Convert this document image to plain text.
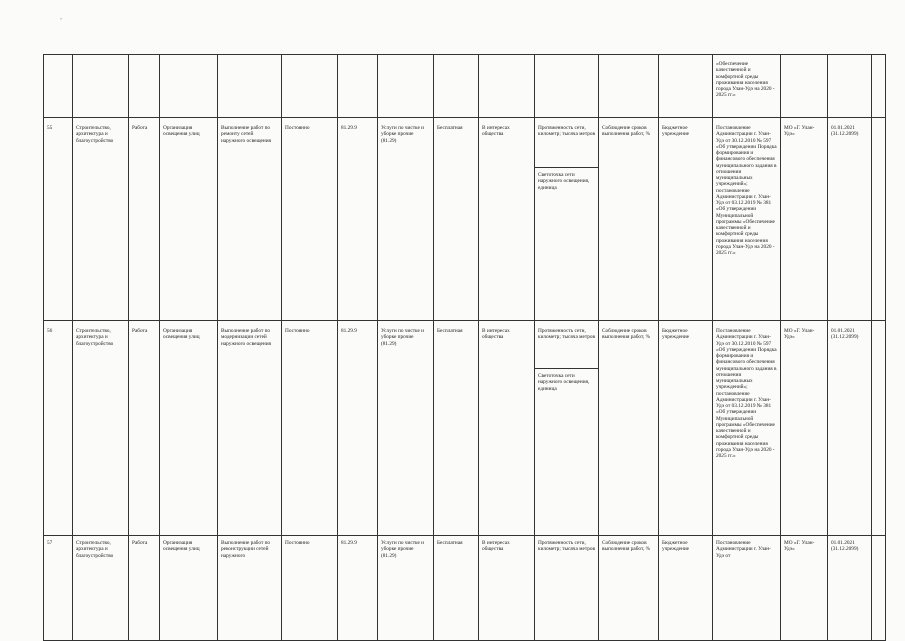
ʼ
													«Обеспечение качественной и комфортной среды проживания населения города Улан-Удэ на 2020 - 2025 гг.»			
55	Строительство, архитектура и благоустройство	Работа	Организация освещения улиц	Выполнение работ по ремонту сетей наружного освещения	Постоянно	81.29.9	Услуги по чистке и уборке прочие (81.29)	Бесплатная	В интересах общества	Протяженность сети, километр; тысяча метров	Соблюдение сроков выполнения работ, %	Бюджетное учреждение	Постановление Администрации г. Улан-Удэ от 30.12.2010 № 597 «Об утверждении Порядка формирования и финансового обеспечения муниципального задания в отношении муниципальных учреждений»; постановление Администрации г. Улан-Удэ от 03.12.2019 № 381 «Об утверждении Муниципальной программы «Обеспечение качественной и комфортной среды проживания населения города Улан-Удэ на 2020 - 2025 гг.»	МО «Г. Улан-Удэ»	01.01.2021 (31.12.2099)	
										Светоточка сети наружного освещения, единица						
56	Строительство, архитектура и благоустройство	Работа	Организация освещения улиц	Выполнение работ по модернизации сетей наружного освещения	Постоянно	81.29.9	Услуги по чистке и уборке прочие (81.29)	Бесплатная	В интересах общества	Протяженность сети, километр; тысяча метров	Соблюдение сроков выполнения работ, %	Бюджетное учреждение	Постановление Администрации г. Улан-Удэ от 30.12.2010 № 597 «Об утверждении Порядка формирования и финансового обеспечения муниципального задания в отношении муниципальных учреждений»; постановление Администрации г. Улан-Удэ от 03.12.2019 № 381 «Об утверждении Муниципальной программы «Обеспечение качественной и комфортной среды проживания населения города Улан-Удэ на 2020 - 2025 гг.»	МО «Г. Улан-Удэ»	01.01.2021 (31.12.2099)	
										Светоточка сети наружного освещения, единица						
57	Строительство, архитектура и благоустройство	Работа	Организация освещения улиц	Выполнение работ по реконструкции сетей наружного	Постоянно	81.29.9	Услуги по чистке и уборке прочие (81.29)	Бесплатная	В интересах общества	Протяженность сети, километр; тысяча метров	Соблюдение сроков выполнения работ, %	Бюджетное учреждение	Постановление Администрации г. Улан-Удэ от	МО «Г. Улан-Удэ»	01.01.2021 (31.12.2099)	
